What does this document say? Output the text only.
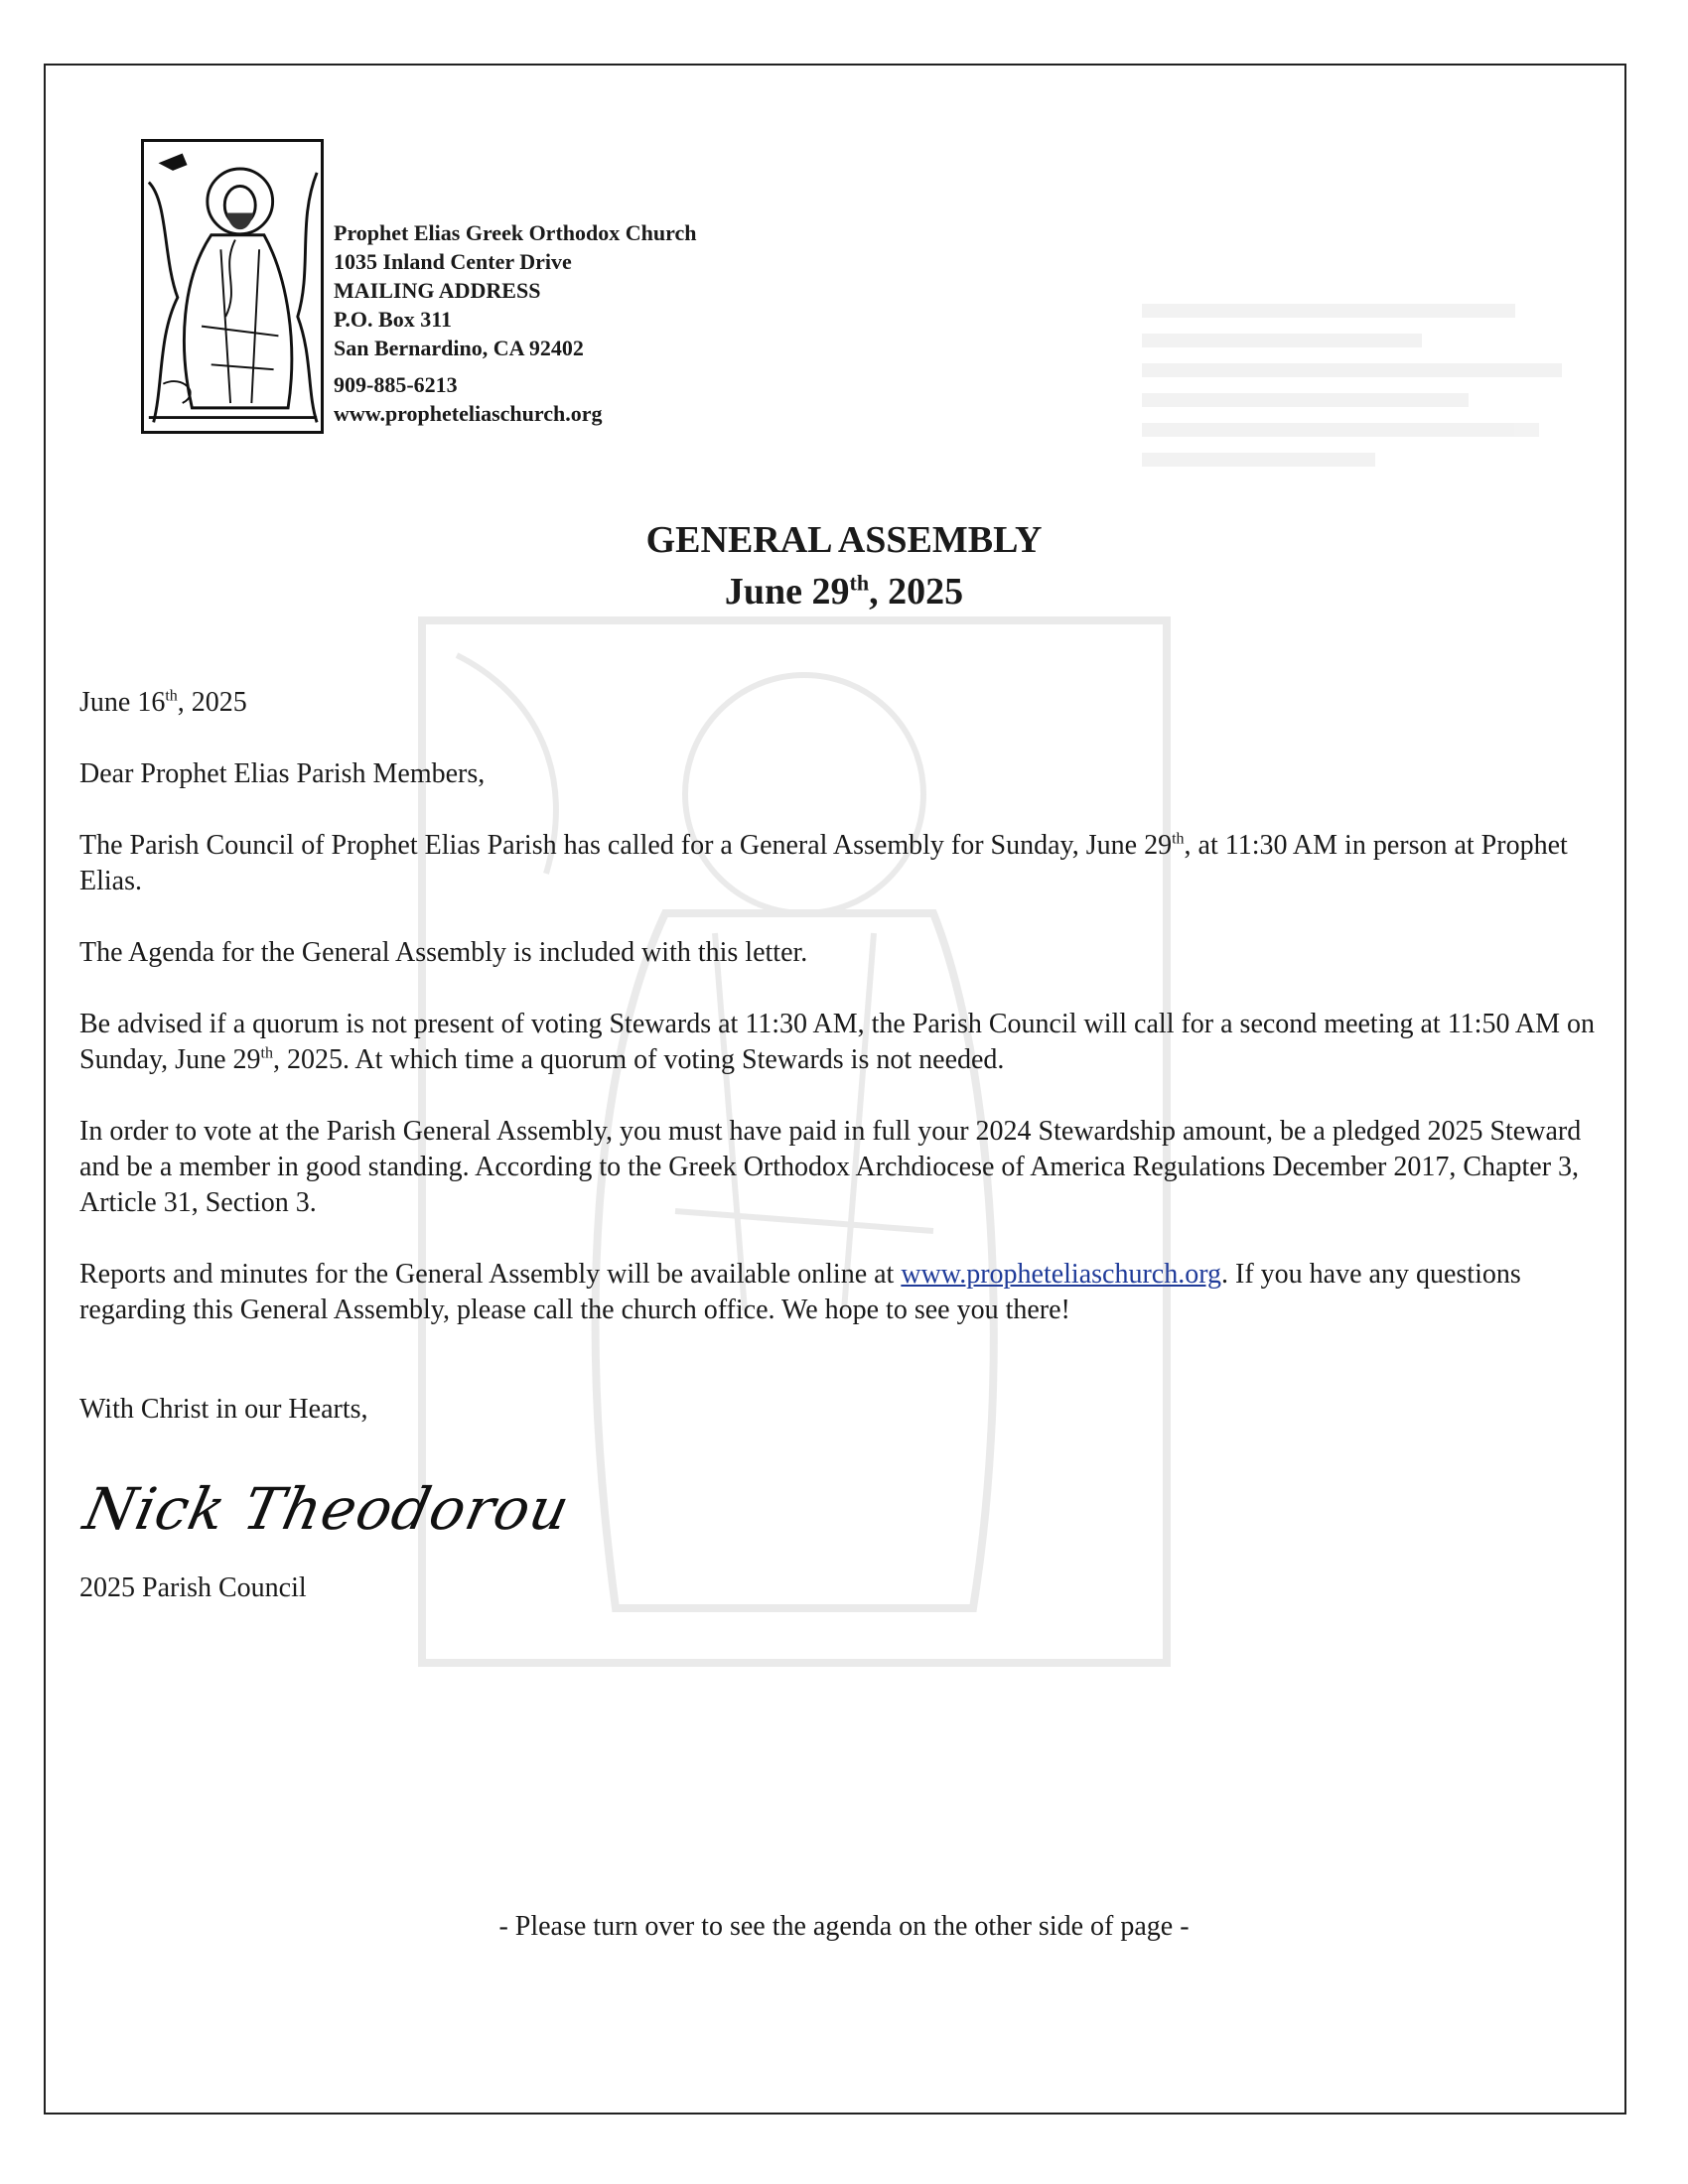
Prophet Elias Greek Orthodox Church
1035 Inland Center Drive
MAILING ADDRESS
P.O. Box 311
San Bernardino, CA 92402
909-885-6213
www.propheteliaschurch.org
GENERAL ASSEMBLY
June 29th, 2025

June 16th, 2025

Dear Prophet Elias Parish Members,

The Parish Council of Prophet Elias Parish has called for a General Assembly for Sunday, June 29th, at 11:30 AM in person at Prophet Elias.

The Agenda for the General Assembly is included with this letter.

Be advised if a quorum is not present of voting Stewards at 11:30 AM, the Parish Council will call for a second meeting at 11:50 AM on Sunday, June 29th, 2025. At which time a quorum of voting Stewards is not needed.

In order to vote at the Parish General Assembly, you must have paid in full your 2024 Stewardship amount, be a pledged 2025 Steward and be a member in good standing. According to the Greek Orthodox Archdiocese of America Regulations December 2017, Chapter 3, Article 31, Section 3.

Reports and minutes for the General Assembly will be available online at www.propheteliaschurch.org. If you have any questions regarding this General Assembly, please call the church office. We hope to see you there!

With Christ in our Hearts,

Nick Theodorou

2025 Parish Council

- Please turn over to see the agenda on the other side of page -
